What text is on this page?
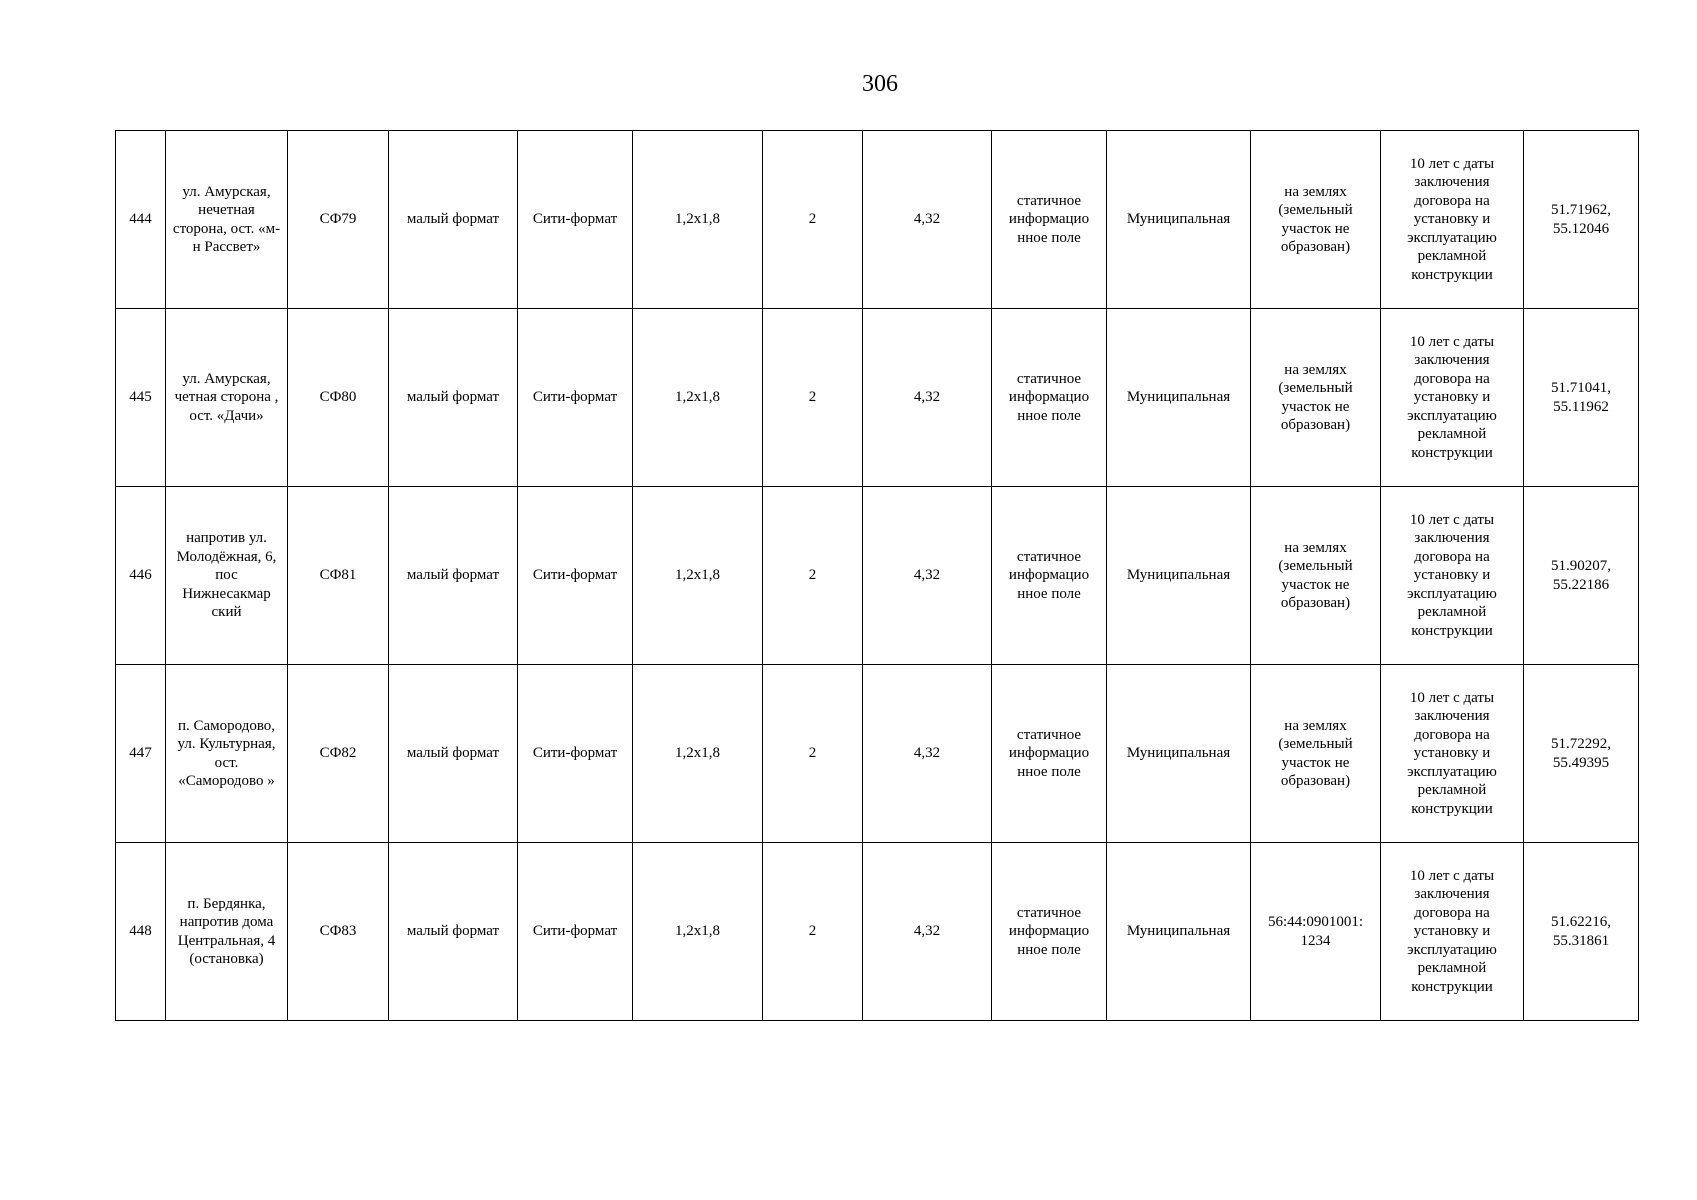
306
444	ул. Амурская, нечетная сторона, ост. «м-н Рассвет»	СФ79	малый формат	Сити-формат	1,2х1,8	2	4,32	статичное информацио нное поле	Муниципальная	на землях (земельный участок не образован)	10 лет с даты заключения договора на установку и эксплуатацию рекламной конструкции	51.71962, 55.12046
445	ул. Амурская, четная сторона , ост. «Дачи»	СФ80	малый формат	Сити-формат	1,2х1,8	2	4,32	статичное информацио нное поле	Муниципальная	на землях (земельный участок не образован)	10 лет с даты заключения договора на установку и эксплуатацию рекламной конструкции	51.71041, 55.11962
446	напротив ул. Молодёжная, 6, пос Нижнесакмар ский	СФ81	малый формат	Сити-формат	1,2х1,8	2	4,32	статичное информацио нное поле	Муниципальная	на землях (земельный участок не образован)	10 лет с даты заключения договора на установку и эксплуатацию рекламной конструкции	51.90207, 55.22186
447	п. Самородово, ул. Культурная, ост. «Самородово »	СФ82	малый формат	Сити-формат	1,2х1,8	2	4,32	статичное информацио нное поле	Муниципальная	на землях (земельный участок не образован)	10 лет с даты заключения договора на установку и эксплуатацию рекламной конструкции	51.72292, 55.49395
448	п. Бердянка, напротив дома Центральная, 4 (остановка)	СФ83	малый формат	Сити-формат	1,2х1,8	2	4,32	статичное информацио нное поле	Муниципальная	56:44:0901001: 1234	10 лет с даты заключения договора на установку и эксплуатацию рекламной конструкции	51.62216, 55.31861
